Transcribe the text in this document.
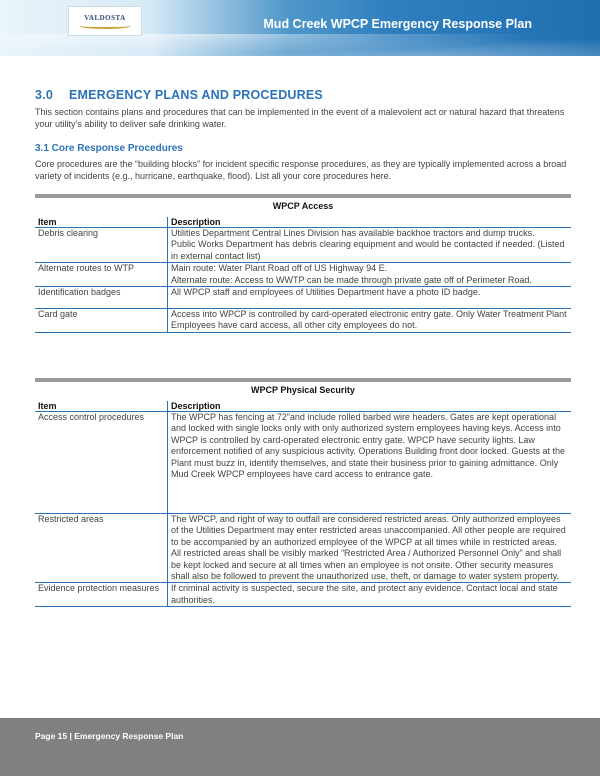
VALDOSTA	Mud Creek WPCP Emergency Response Plan
3.0 EMERGENCY PLANS AND PROCEDURES

This section contains plans and procedures that can be implemented in the event of a malevolent act or natural hazard that threatens your utility’s ability to deliver safe drinking water.

3.1 Core Response Procedures

Core procedures are the “building blocks” for incident specific response procedures, as they are typically implemented across a broad variety of incidents (e.g., hurricane, earthquake, flood). List all your core procedures here.

WPCP Access
Item	Description
Debris clearing	Utilities Department Central Lines Division has available backhoe tractors and dump trucks.
Public Works Department has debris clearing equipment and would be contacted if needed. (Listed in external contact list)

Alternate routes to WTP	Main route: Water Plant Road off of US Highway 94 E.
Alternate route: Access to WWTP can be made through private gate off of Perimeter Road.

Identification badges	All WPCP staff and employees of Utilities Department have a photo ID badge.

Card gate	Access into WPCP is controlled by card-operated electronic entry gate. Only Water Treatment Plant Employees have card access, all other city employees do not.
WPCP Physical Security
Item	Description
Access control procedures	The WPCP has fencing at 72”and include rolled barbed wire headers. Gates are kept operational and locked with single locks only with only authorized system employees having keys. Access into WPCP is controlled by card-operated electronic entry gate. WPCP have security lights. Law enforcement notified of any suspicious activity. Operations Building front door locked. Guests at the Plant must buzz in, identify themselves, and state their business prior to gaining admittance. Only Mud Creek WPCP employees have card access to entrance gate.

Restricted areas	The WPCP, and right of way to outfall are considered restricted areas. Only authorized employees of the Utilities Department may enter restricted areas unaccompanied. All other people are required to be accompanied by an authorized employee of the WPCP at all times while in restricted areas. All restricted areas shall be visibly marked “Restricted Area / Authorized Personnel Only” and shall be kept locked and secure at all times when an employee is not onsite. Other security measures shall also be followed to prevent the unauthorized use, theft, or damage to water system property.

Evidence protection measures	If criminal activity is suspected, secure the site, and protect any evidence. Contact local and state authorities.
Page 15 | Emergency Response Plan
